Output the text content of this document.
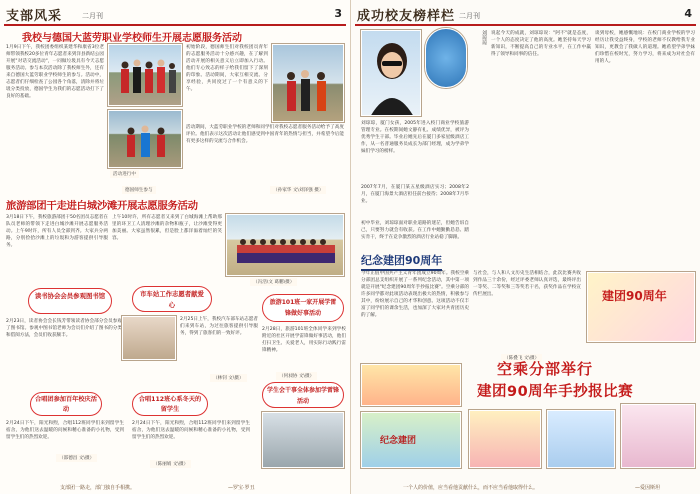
支部风采	二月刊	3
我校与德国大蓝劳职业学校师生开展志愿服务活动
1月9日下午，我校团委组织某建华和康省3位老师带领我校20多位青年志愿者来到洋县新结公园开展"对话交流活动"，一同做垃圾具有今天志愿服务活动。参与本次活动除了我校师生外，还有来自德国大蓝劳职业学校师生的参与。活动中，志愿者们仔细检查了公园各个角落，清除并将垃圾分类投放，德国学生为我们的志愿活动打下了良好的基础。
活动进行中
初始阶段，德国师生们对我校团员青年的志愿服务活动十分感兴趣，在了解到活动开展的相关意义后立即加入行动。他们专心致志的样子给我们留下了深刻的印象。活动期间，大家互相交流、分享经验，共同度过了一个有意义的下午。
活动期间，大蓝劳职业学校的老师和同学们对我校志愿者服务活动给予了高度评价。他们表示这次活动让他们感受到中国青年的热情与担当，并希望今后能有更多这样的交流与合作机会。
（孙家华 文\刘泽强 摄）
德国师生参与
旅游部团干走进白城沙滩开展志愿服务活动
3月18日下午，我校旅游部团干50名团员志愿者在队员老师的带领下走进白城沙滩开展志愿服务活动。上午9时许，所有人员全部到齐。大家兵分两路，分别捡拾沙滩上的垃圾和为游客提供引导服务。
上午10时许，所有志愿者又来到了白城海滩上帮助那里的环卫工人清理沙滩的杂物和瓶子，让沙滩变得更加美丽。大家虽然很累，但是脸上都洋溢着灿烂的笑容。
（冯浩\文 葛鹏\摄）
读书协会会员参观图书馆	市车站工作志愿者献爱心	旅游101班一家开展学雷锋做好事活动
合唱团参加百年校庆活动
合唱112班心系冬天的留学生
学生会干事全体参加学雷锋活动
2月23日，读者协会会长钱芳带领读者协会部分会员参观了图书馆。参观中图书馆老师为会员们介绍了图书的分类和借阅方法，会员们收获颇丰。
（邵德昌 文\摄）
2月25日上午，我校汽车部车站志愿者们来到车站，为过往旅客提供引导服务，得到了旅客们的一致好评。
（林钊 文\摄）
2月28日，旅游101班全体同学来到学校附近的社区开展学雷锋做好事活动，他们打扫卫生、关爱老人，用实际行动践行雷锋精神。
（何昶协 文\摄）
2月24日下午，阳光和煦，合唱112班同学们来到留学生宿舍，为他们送去温暖的问候和精心准备的小礼物，受到留学生们的热烈欢迎。
2月24日下午，阳光和煦，合唱112班同学们来到留学生宿舍，为他们送去温暖的问候和精心准备的小礼物，受到留学生们的热烈欢迎。
（陈丽娟 文\摄）
支部团一路走，部门独自手相携。	—罗宝·罗丑
成功校友榜样栏 二月刊	4
刘琼琼
刘琼琼，厦门女孩，2005年进入校门商业学校旅游管理专业。在校期间她文静有礼、成绩优异，被评为优秀学生干部。毕业后她先后在厦门多家星级酒店工作，从一名普通服务员成长为部门经理，成为学弟学妹们学习的榜样。
2007年7月，在厦门某五星级酒店实习；2008年2月，在厦门海景大酒店担任前台接待；2008年7月毕业。
初中毕业，刘琼琼面对职业道路的迷茫，但她告诉自己，只要努力就会有收获。在工作中她勤勤恳恳、踏实肯干，终于在竞争激烈的酒店行业站稳了脚跟。
说起今天的成就，刘琼琼说："阿不"就是态度，一个人的态度决定了他的高度。她坚持每天学习新知识，不断提高自己的专业水平，在工作中赢得了领导和同事的信任。
谈到母校，她感慨地说：在校门商业学校的学习经历让我受益终身，学校的老师不仅教给我专业知识，更教会了我做人的道理。她希望学弟学妹们珍惜在校时光，努力学习，将来成为对社会有用的人。
纪念建团90周年
今年正值中国共产主义青年团成立90周年。我校空乘分部团总支组织开展了一系列纪念活动，其中第一项就是开展"纪念建团90周年手抄报比赛"。空乘分部的许多同学都对此项活动表现出极大的热情，积极参与其中，纷纷展示自己的才华和创意。这项活动不仅丰富了同学们的课余生活，也加深了大家对共青团历史的了解。
与社会，与人和人文历史生活相结合，此次比赛共收到作品三十余份，经过评委老师认真评选，最终评出一等奖、二等奖和三等奖若干名，获奖作品在学校宣传栏展出。
（陈叠飞 文\摄）
建团90周年
空乘分部举行
建团90周年手抄报比赛
纪念建团
一个人的价值，应当看他贡献什么，而不应当看他取得什么。	—爱因斯坦
